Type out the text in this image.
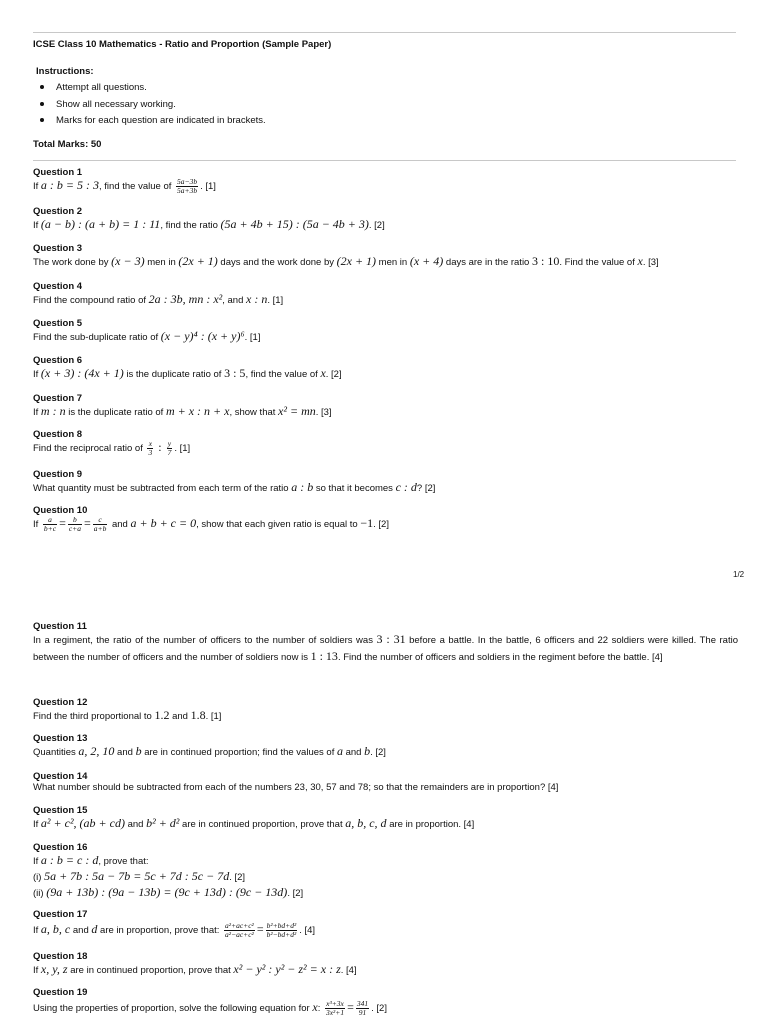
ICSE Class 10 Mathematics - Ratio and Proportion (Sample Paper)
Instructions:
Attempt all questions.
Show all necessary working.
Marks for each question are indicated in brackets.
Total Marks: 50
Question 1
If a : b = 5 : 3, find the value of $\frac{5a-3b}{5a+3b}$ . [1]
Question 2
If (a − b) : (a + b) = 1 : 11, find the ratio (5a + 4b + 15) : (5a − 4b + 3). [2]
Question 3
The work done by (x − 3) men in (2x + 1) days and the work done by (2x + 1) men in (x + 4) days are in the ratio 3 : 10. Find the value of x. [3]
Question 4
Find the compound ratio of 2a : 3b, mn : x², and x : n. [1]
Question 5
Find the sub-duplicate ratio of (x − y)⁴ : (x + y)⁶. [1]
Question 6
If (x + 3) : (4x + 1) is the duplicate ratio of 3 : 5, find the value of x. [2]
Question 7
If m : n is the duplicate ratio of m + x : n + x, show that x² = mn. [3]
Question 8
Find the reciprocal ratio of $\frac{x}{3}$ : $\frac{y}{7}$ . [1]
Question 9
What quantity must be subtracted from each term of the ratio a : b so that it becomes c : d? [2]
Question 10
If $\frac{a}{b+c} = \frac{b}{c+a} = \frac{c}{a+b}$ and a + b + c = 0, show that each given ratio is equal to −1. [2]
1/2
Question 11
In a regiment, the ratio of the number of officers to the number of soldiers was 3 : 31 before a battle. In the battle, 6 officers and 22 soldiers were killed. The ratio between the number of officers and the number of soldiers now is 1 : 13. Find the number of officers and soldiers in the regiment before the battle. [4]
Question 12
Find the third proportional to 1.2 and 1.8. [1]
Question 13
Quantities a, 2, 10 and b are in continued proportion; find the values of a and b. [2]
Question 14
What number should be subtracted from each of the numbers 23, 30, 57 and 78; so that the remainders are in proportion? [4]
Question 15
If a² + c², (ab + cd) and b² + d² are in continued proportion, prove that a, b, c, d are in proportion. [4]
Question 16
If a : b = c : d, prove that:
(i) 5a + 7b : 5a − 7b = 5c + 7d : 5c − 7d. [2]
(ii) (9a + 13b) : (9a − 13b) = (9c + 13d) : (9c − 13d). [2]
Question 17
If a, b, c and d are in proportion, prove that: $\frac{\text{a²+ac+c²}}{\text{a²−ac+c²}} = \frac{\text{b²+bd+d²}}{\text{b²−bd+d²}}$ . [4]
Question 18
If x, y, z are in continued proportion, prove that x² − y² : y² − z² = x : z. [4]
Question 19
Using the properties of proportion, solve the following equation for x: $\frac{\text{x³+3x}}{\text{3x²+1}} = \frac{341}{91}$ . [2]
